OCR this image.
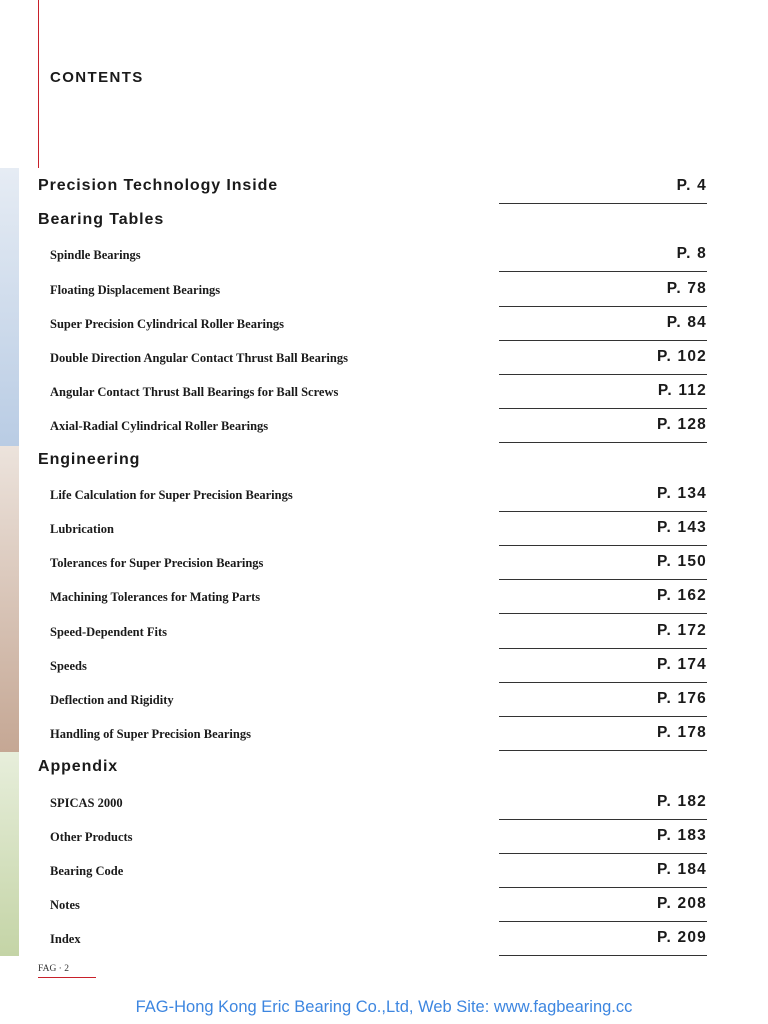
CONTENTS
Precision Technology Inside	P. 4
Bearing Tables
Spindle Bearings	P. 8
Floating Displacement Bearings	P. 78
Super Precision Cylindrical Roller Bearings	P. 84
Double Direction Angular Contact Thrust Ball Bearings	P. 102
Angular Contact Thrust Ball Bearings for Ball Screws	P. 112
Axial-Radial Cylindrical Roller Bearings	P. 128
Engineering
Life Calculation for Super Precision Bearings	P. 134
Lubrication	P. 143
Tolerances for Super Precision Bearings	P. 150
Machining Tolerances for Mating Parts	P. 162
Speed-Dependent Fits	P. 172
Speeds	P. 174
Deflection and Rigidity	P. 176
Handling of Super Precision Bearings	P. 178
Appendix
SPICAS 2000	P. 182
Other Products	P. 183
Bearing Code	P. 184
Notes	P. 208
Index	P. 209
FAG · 2
FAG-Hong Kong Eric Bearing Co.,Ltd, Web Site: www.fagbearing.cc
